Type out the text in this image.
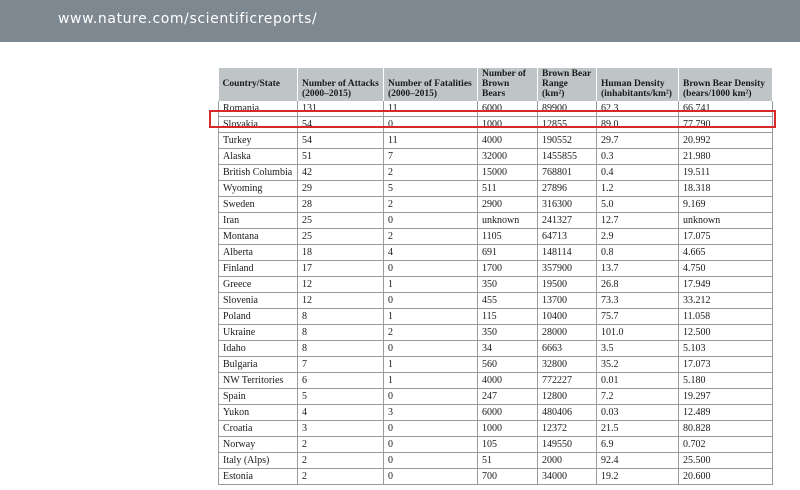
www.nature.com/scientificreports/
Country/State	Number of Attacks (2000–2015)	Number of Fatalities (2000–2015)	Number of Brown Bears	Brown Bear Range (km²)	Human Density (inhabitants/km²)	Brown Bear Density (bears/1000 km²)
Romania	131	11	6000	89900	62.3	66.741
Slovakia	54	0	1000	12855	89.0	77.790
Turkey	54	11	4000	190552	29.7	20.992
Alaska	51	7	32000	1455855	0.3	21.980
British Columbia	42	2	15000	768801	0.4	19.511
Wyoming	29	5	511	27896	1.2	18.318
Sweden	28	2	2900	316300	5.0	9.169
Iran	25	0	unknown	241327	12.7	unknown
Montana	25	2	1105	64713	2.9	17.075
Alberta	18	4	691	148114	0.8	4.665
Finland	17	0	1700	357900	13.7	4.750
Greece	12	1	350	19500	26.8	17.949
Slovenia	12	0	455	13700	73.3	33.212
Poland	8	1	115	10400	75.7	11.058
Ukraine	8	2	350	28000	101.0	12.500
Idaho	8	0	34	6663	3.5	5.103
Bulgaria	7	1	560	32800	35.2	17.073
NW Territories	6	1	4000	772227	0.01	5.180
Spain	5	0	247	12800	7.2	19.297
Yukon	4	3	6000	480406	0.03	12.489
Croatia	3	0	1000	12372	21.5	80.828
Norway	2	0	105	149550	6.9	0.702
Italy (Alps)	2	0	51	2000	92.4	25.500
Estonia	2	0	700	34000	19.2	20.600
